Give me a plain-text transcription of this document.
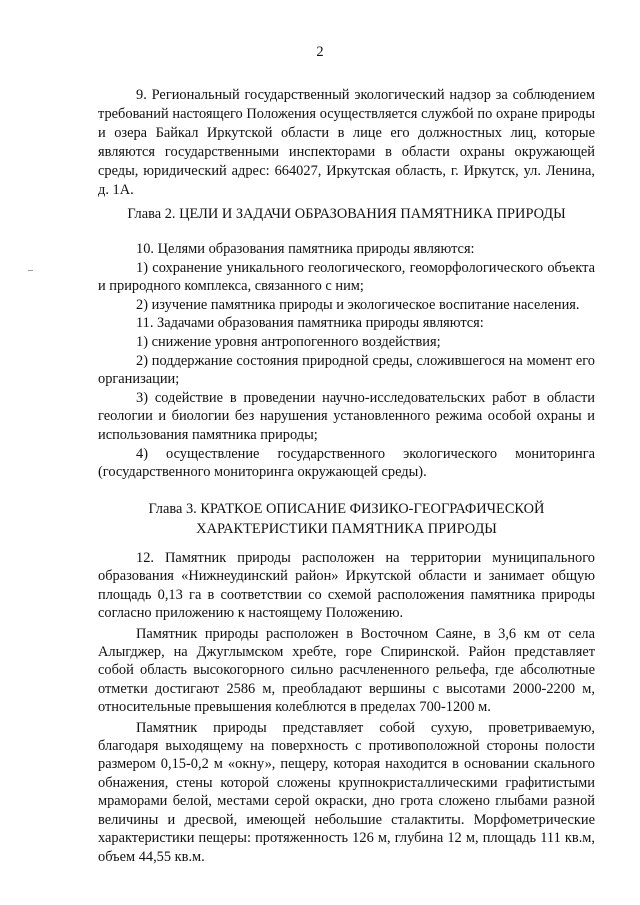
2

9. Региональный государственный экологический надзор за соблюдением требований настоящего Положения осуществляется службой по охране природы и озера Байкал Иркутской области в лице его должностных лиц, которые являются государственными инспекторами в области охраны окружающей среды, юридический адрес: 664027, Иркутская область, г. Иркутск, ул. Ленина, д. 1А.

Глава 2. ЦЕЛИ И ЗАДАЧИ ОБРАЗОВАНИЯ ПАМЯТНИКА ПРИРОДЫ

10. Целями образования памятника природы являются:

1) сохранение уникального геологического, геоморфологического объекта и природного комплекса, связанного с ним;

2) изучение памятника природы и экологическое воспитание населения.

11. Задачами образования памятника природы являются:

1) снижение уровня антропогенного воздействия;

2) поддержание состояния природной среды, сложившегося на момент его организации;

3) содействие в проведении научно-исследовательских работ в области геологии и биологии без нарушения установленного режима особой охраны и использования памятника природы;

4) осуществление государственного экологического мониторинга (государственного мониторинга окружающей среды).

Глава 3. КРАТКОЕ ОПИСАНИЕ ФИЗИКО-ГЕОГРАФИЧЕСКОЙ
ХАРАКТЕРИСТИКИ ПАМЯТНИКА ПРИРОДЫ

12. Памятник природы расположен на территории муниципального образования «Нижнеудинский район» Иркутской области и занимает общую площадь 0,13 га в соответствии со схемой расположения памятника природы согласно приложению к настоящему Положению.

Памятник природы расположен в Восточном Саяне, в 3,6 км от села Алыгджер, на Джуглымском хребте, горе Спиринской. Район представляет собой область высокогорного сильно расчлененного рельефа, где абсолютные отметки достигают 2586 м, преобладают вершины с высотами 2000-2200 м, относительные превышения колеблются в пределах 700-1200 м.

Памятник природы представляет собой сухую, проветриваемую, благодаря выходящему на поверхность с противоположной стороны полости размером 0,15-0,2 м «окну», пещеру, которая находится в основании скального обнажения, стены которой сложены крупнокристаллическими графитистыми мраморами белой, местами серой окраски, дно грота сложено глыбами разной величины и дресвой, имеющей небольшие сталактиты. Морфометрические характеристики пещеры: протяженность 126 м, глубина 12 м, площадь 111 кв.м, объем 44,55 кв.м.
